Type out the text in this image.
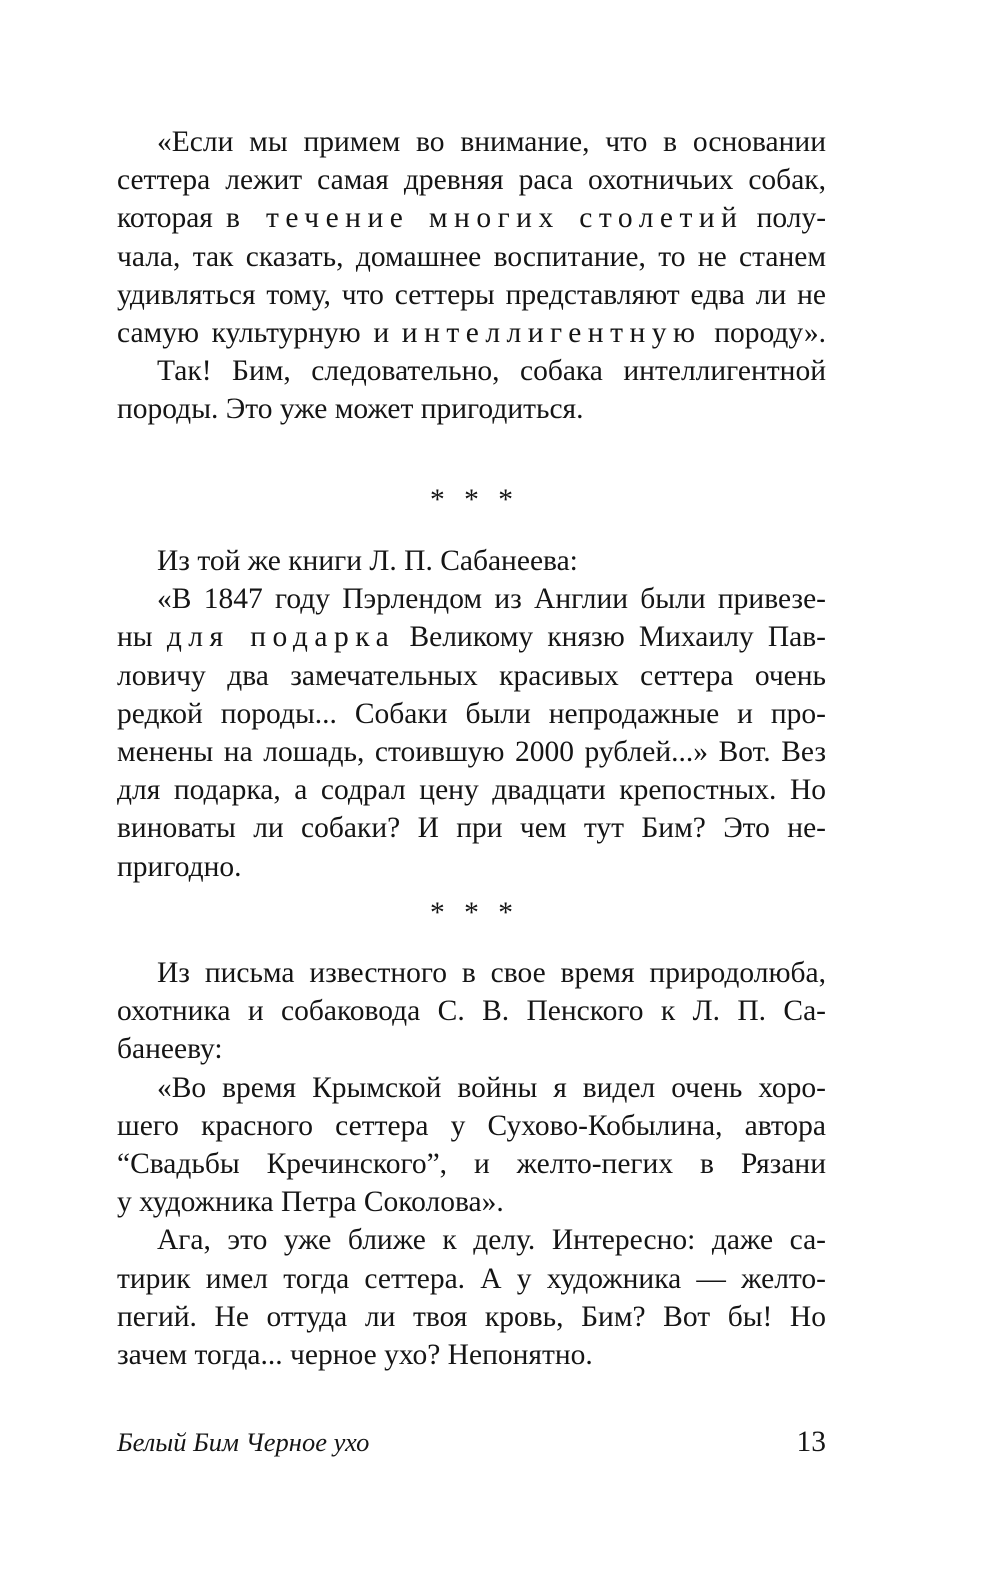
«Если мы примем во внимание, что в основании
сеттера лежит самая древняя раса охотничьих собак,
которая в течение многих столетий полу-
чала, так сказать, домашнее воспитание, то не станем
удивляться тому, что сеттеры представляют едва ли не
самую культурную и интеллигентную породу».
Так! Бим, следовательно, собака интеллигентной
породы. Это уже может пригодиться.
* * *
Из той же книги Л. П. Сабанеева:
«В 1847 году Пэрлендом из Англии были привезе-
ны для подарка Великому князю Михаилу Пав-
ловичу два замечательных красивых сеттера очень
редкой породы... Собаки были непродажные и про-
менены на лошадь, стоившую 2000 рублей...» Вот. Вез
для подарка, а содрал цену двадцати крепостных. Но
виноваты ли собаки? И при чем тут Бим? Это не-
пригодно.
* * *
Из письма известного в свое время природолюба,
охотника и собаковода С. В. Пенского к Л. П. Са-
банееву:
«Во время Крымской войны я видел очень хоро-
шего красного сеттера у Сухово-Кобылина, автора
“Свадьбы Кречинского”, и желто-пегих в Рязани
у художника Петра Соколова».
Ага, это уже ближе к делу. Интересно: даже са-
тирик имел тогда сеттера. А у художника — желто-
пегий. Не оттуда ли твоя кровь, Бим? Вот бы! Но
зачем тогда... черное ухо? Непонятно.
Белый Бим Черное ухо	13
